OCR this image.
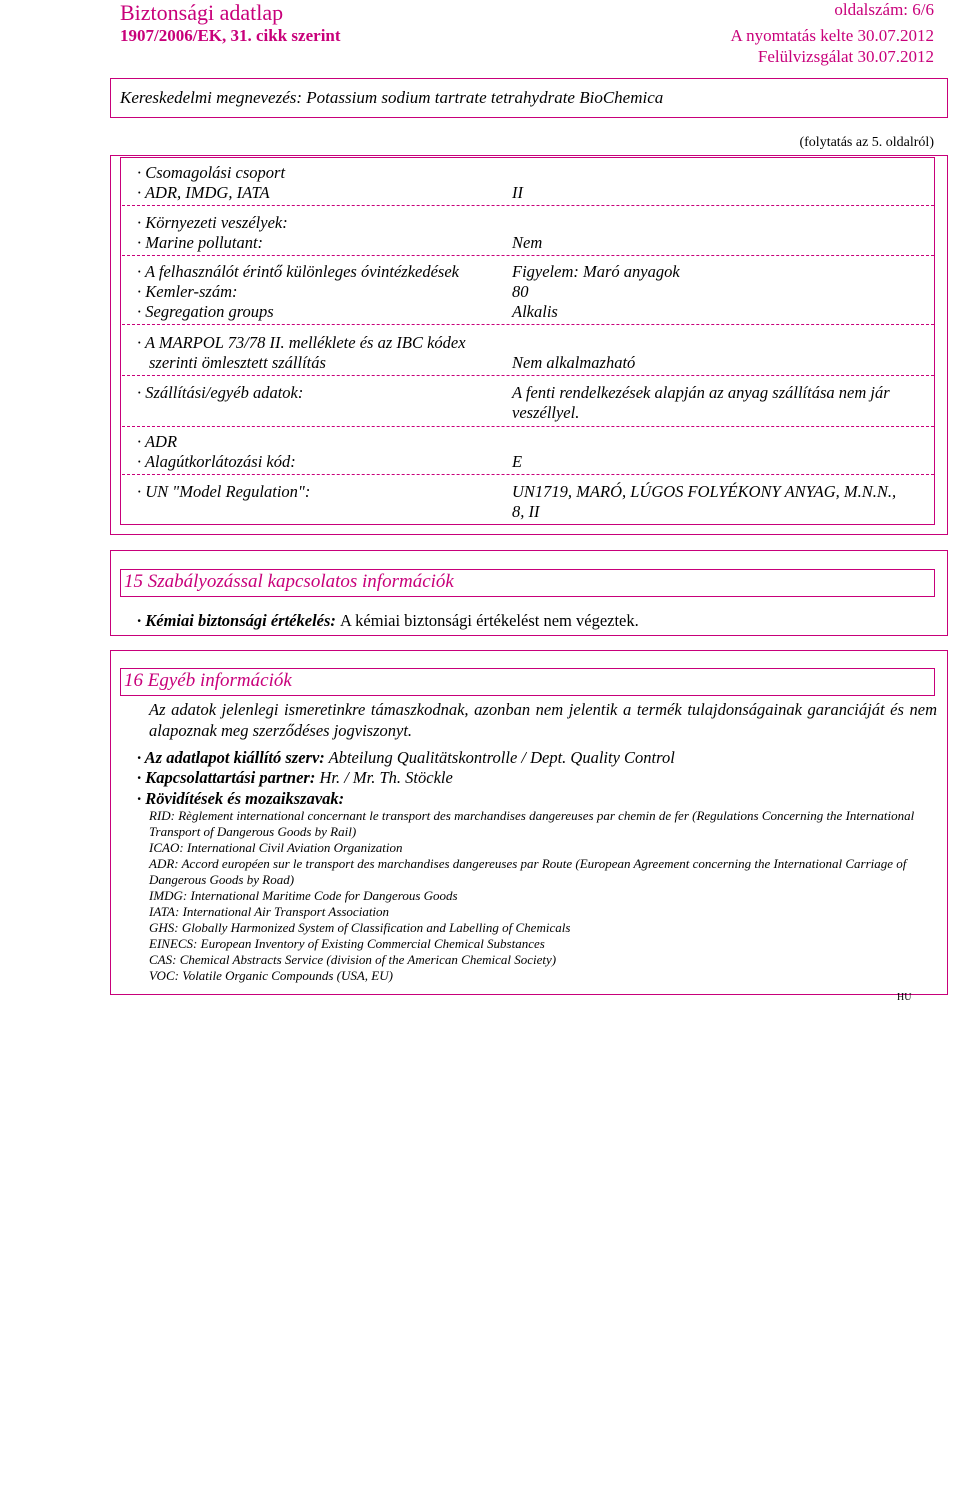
Biztonsági adatlap
1907/2006/EK, 31. cikk szerint
oldalszám: 6/6
A nyomtatás kelte 30.07.2012
Felülvizsgálat 30.07.2012
Kereskedelmi megnevezés: Potassium sodium tartrate tetrahydrate BioChemica
(folytatás az 5. oldalról)
· Csomagolási csoport
· ADR, IMDG, IATA	II
· Környezeti veszélyek:
· Marine pollutant:	Nem
· A felhasználót érintő különleges óvintézkedések	Figyelem: Maró anyagok
· Kemler-szám:	80
· Segregation groups	Alkalis
· A MARPOL 73/78 II. melléklete és az IBC kódex
szerinti ömlesztett szállítás	Nem alkalmazható
· Szállítási/egyéb adatok:	A fenti rendelkezések alapján az anyag szállítása nem jár
veszéllyel.
· ADR
· Alagútkorlátozási kód:	E
· UN "Model Regulation":	UN1719, MARÓ, LÚGOS FOLYÉKONY ANYAG, M.N.N.,
8, II
15 Szabályozással kapcsolatos információk
· Kémiai biztonsági értékelés: A kémiai biztonsági értékelést nem végeztek.
16 Egyéb információk
Az adatok jelenlegi ismeretinkre támaszkodnak, azonban nem jelentik a termék tulajdonságainak garanciáját és nem alapoznak meg szerződéses jogviszonyt.
· Az adatlapot kiállító szerv: Abteilung Qualitätskontrolle / Dept. Quality Control
· Kapcsolattartási partner: Hr. / Mr. Th. Stöckle
· Rövidítések és mozaikszavak:
RID: Règlement international concernant le transport des marchandises dangereuses par chemin de fer (Regulations Concerning the International Transport of Dangerous Goods by Rail)
ICAO: International Civil Aviation Organization
ADR: Accord européen sur le transport des marchandises dangereuses par Route (European Agreement concerning the International Carriage of Dangerous Goods by Road)
IMDG: International Maritime Code for Dangerous Goods
IATA: International Air Transport Association
GHS: Globally Harmonized System of Classification and Labelling of Chemicals
EINECS: European Inventory of Existing Commercial Chemical Substances
CAS: Chemical Abstracts Service (division of the American Chemical Society)
VOC: Volatile Organic Compounds (USA, EU)
HU
